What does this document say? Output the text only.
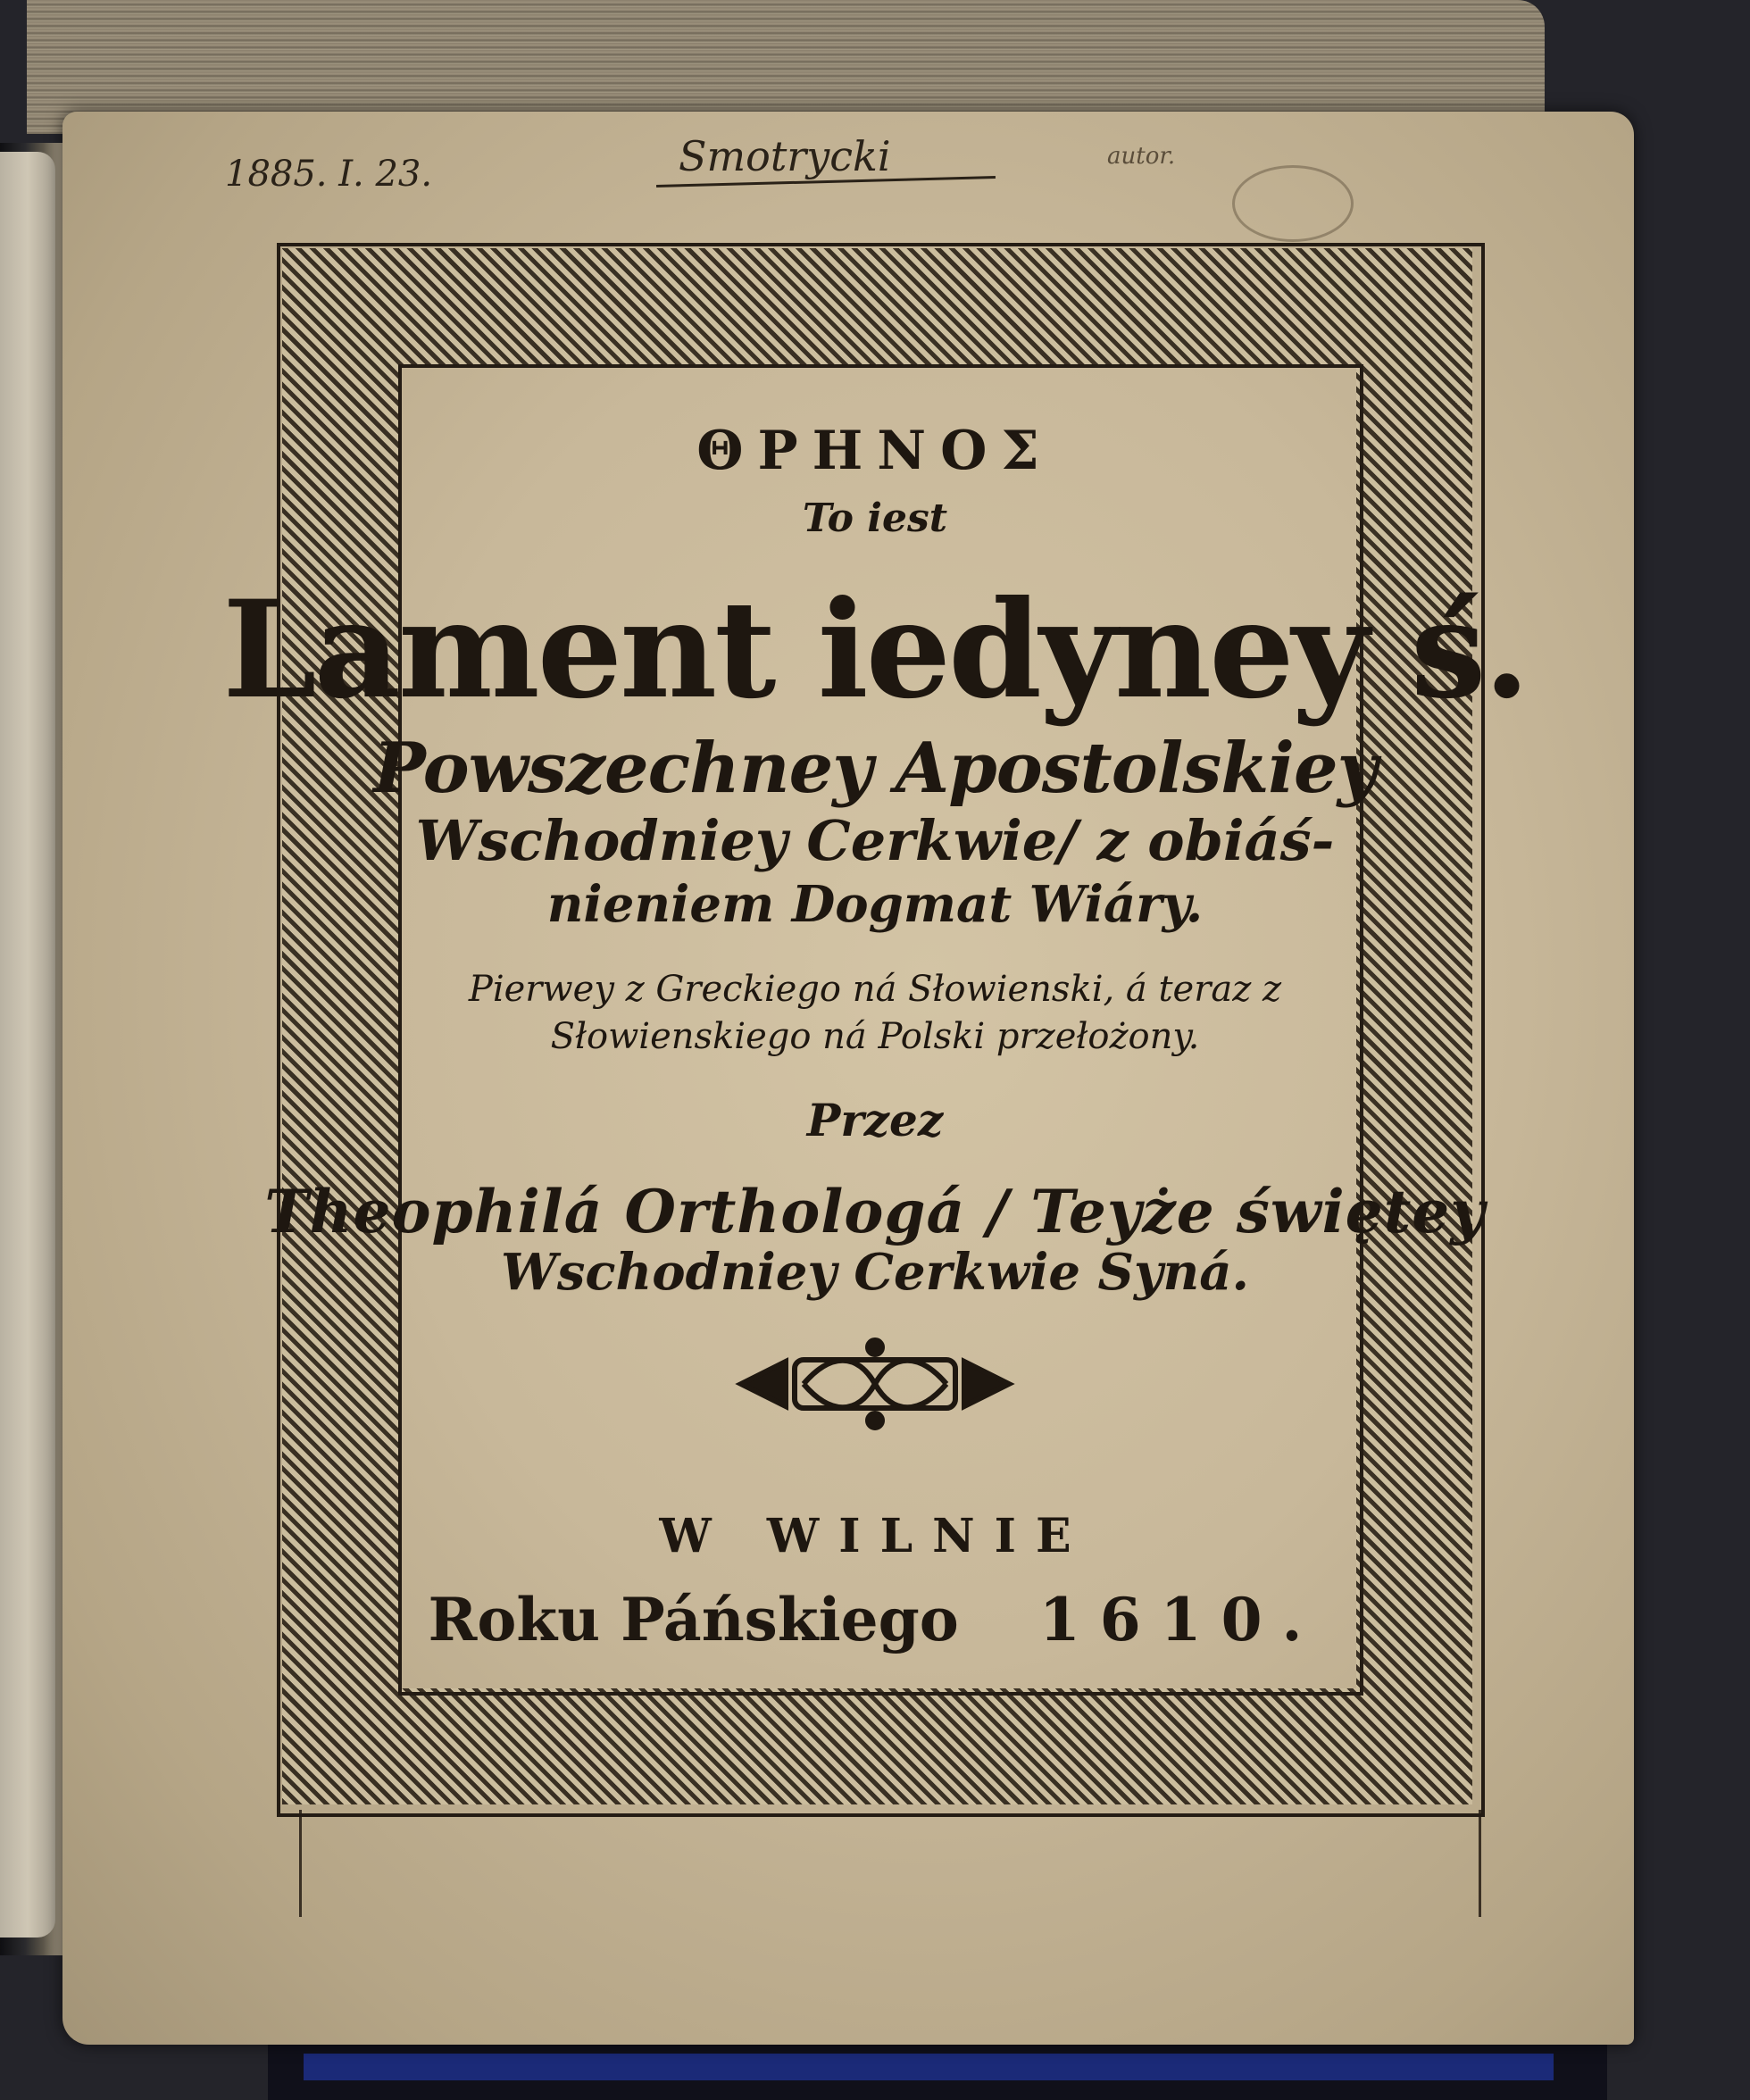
1885. I. 23.	Smotrycki	autor.
ΘΡΗΝΟΣ
To iest
Lament iedyney ś.
Powszechney Apostolskiey
Wschodniey Cerkwie/ z obiáś-
nieniem Dogmat Wiáry.
Pierwey z Greckiego ná Słowienski, á teraz z
Słowienskiego ná Polski przełożony.
Przez
Theophilá Orthologá / Teyże świętey
Wschodniey Cerkwie Syná.
W WILNIE
Roku Páńskiego 1610.
